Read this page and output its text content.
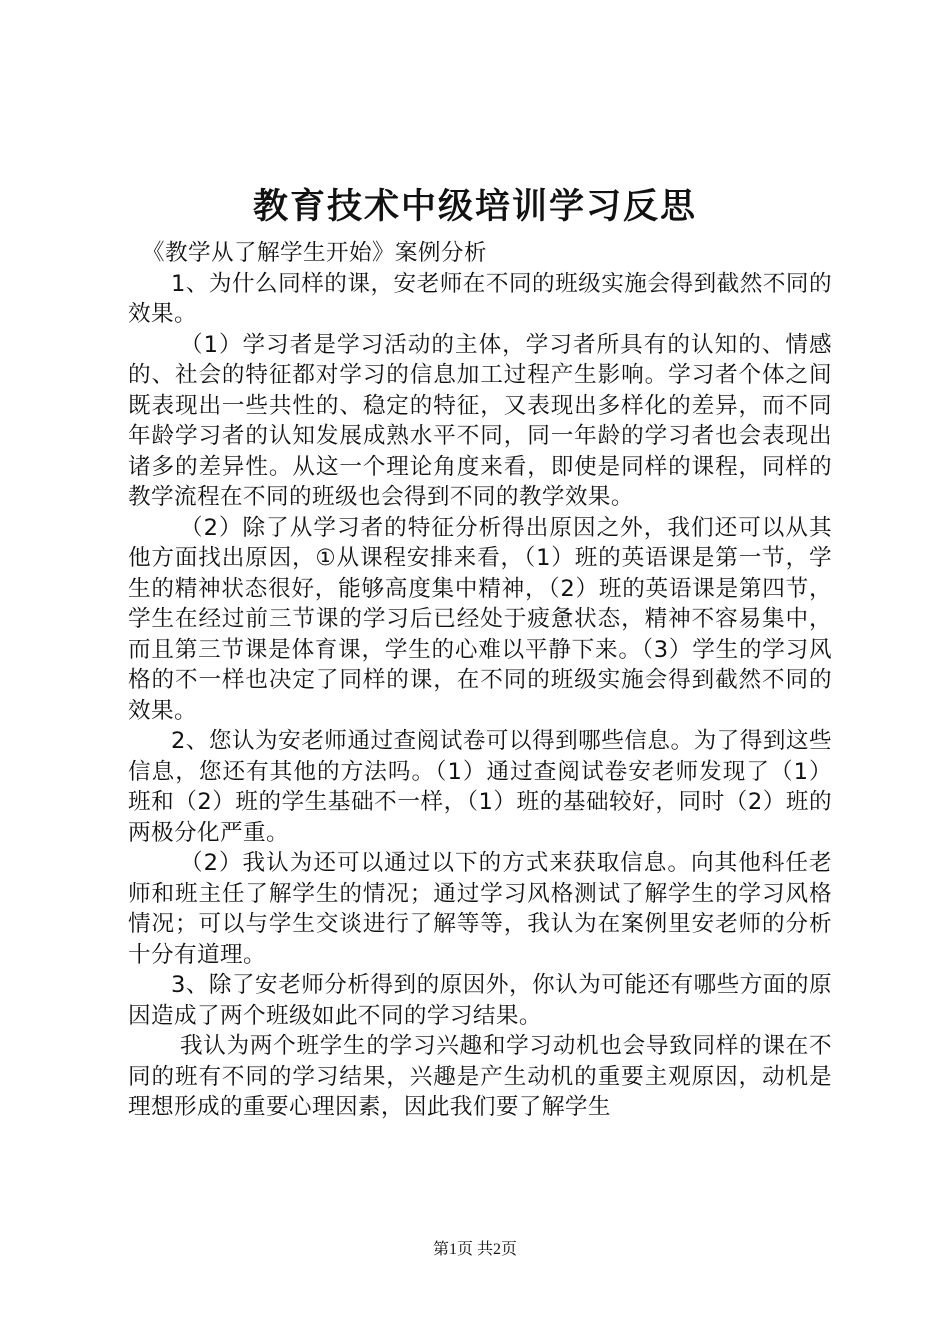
教育技术中级培训学习反思

《教学从了解学生开始》案例分析

1、为什么同样的课，安老师在不同的班级实施会得到截然不同的效果。

（1）学习者是学习活动的主体，学习者所具有的认知的、情感的、社会的特征都对学习的信息加工过程产生影响。学习者个体之间既表现出一些共性的、稳定的特征，又表现出多样化的差异，而不同年龄学习者的认知发展成熟水平不同，同一年龄的学习者也会表现出诸多的差异性。从这一个理论角度来看，即使是同样的课程，同样的教学流程在不同的班级也会得到不同的教学效果。

（2）除了从学习者的特征分析得出原因之外，我们还可以从其他方面找出原因，①从课程安排来看，（1）班的英语课是第一节，学生的精神状态很好，能够高度集中精神，（2）班的英语课是第四节，学生在经过前三节课的学习后已经处于疲惫状态，精神不容易集中，而且第三节课是体育课，学生的心难以平静下来。（3）学生的学习风格的不一样也决定了同样的课，在不同的班级实施会得到截然不同的效果。

2、您认为安老师通过查阅试卷可以得到哪些信息。为了得到这些信息，您还有其他的方法吗。（1）通过查阅试卷安老师发现了（1）班和（2）班的学生基础不一样，（1）班的基础较好，同时（2）班的两极分化严重。

（2）我认为还可以通过以下的方式来获取信息。向其他科任老师和班主任了解学生的情况；通过学习风格测试了解学生的学习风格情况；可以与学生交谈进行了解等等，我认为在案例里安老师的分析十分有道理。

3、除了安老师分析得到的原因外，你认为可能还有哪些方面的原因造成了两个班级如此不同的学习结果。

我认为两个班学生的学习兴趣和学习动机也会导致同样的课在不同的班有不同的学习结果，兴趣是产生动机的重要主观原因，动机是理想形成的重要心理因素，因此我们要了解学生

第1页 共2页
